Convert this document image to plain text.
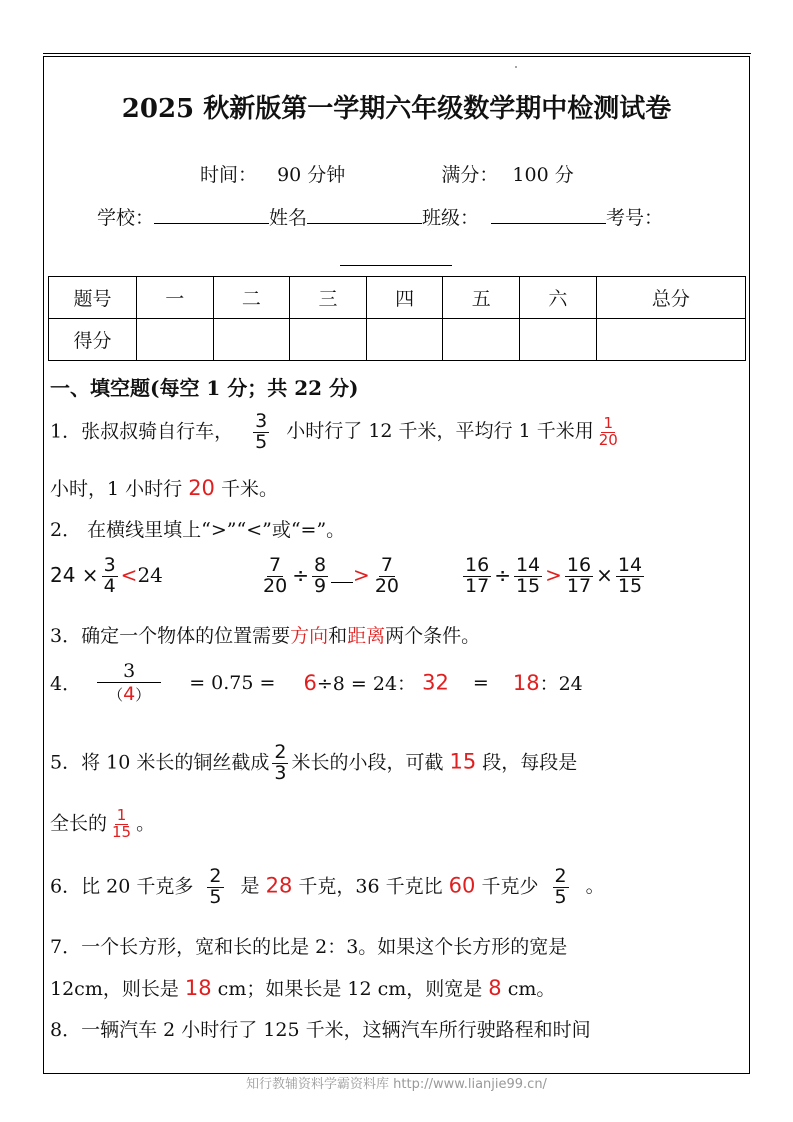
2025 秋新版第一学期六年级数学期中检测试卷
时间： 90 分钟	满分： 100 分
学校：	姓名	班级：	考号：
题号	一	二	三	四	五	六	总分
得分							
一、填空题(每空 1 分；共 22 分)
1．张叔叔骑自行车， $\frac{3}{5}$ 小时行了 12 千米，平均行 1 千米用 $\frac{1}{20}$
小时，1 小时行 20 千米。
2． 在横线里填上“>”“<”或“=”。
$24 \times \frac{3}{4} <24$	$\frac{7}{20} \div \frac{8}{9} > \frac{7}{20}$	$\frac{16}{17} \div \frac{14}{15} > \frac{16}{17} \times \frac{14}{15}$
3．确定一个物体的位置需要方向和距离两个条件。
4． $\frac{3}{(4)} = 0.75 = 6\div 8 = 24$： 32 = 18：24
5．将 10 米长的铜丝截成 $\frac{2}{3}$ 米长的小段，可截 15 段，每段是
全长的 $\frac{1}{15}$ 。
6．比 20 千克多 $\frac{2}{5}$ 是 28 千克，36 千克比 60 千克少 $\frac{2}{5}$ 。
7．一个长方形，宽和长的比是 2：3。如果这个长方形的宽是
12cm，则长是 18 cm；如果长是 12 cm，则宽是 8 cm。
8．一辆汽车 2 小时行了 125 千米，这辆汽车所行驶路程和时间
知行教辅资料学霸资料库 http://www.lianjie99.cn/
